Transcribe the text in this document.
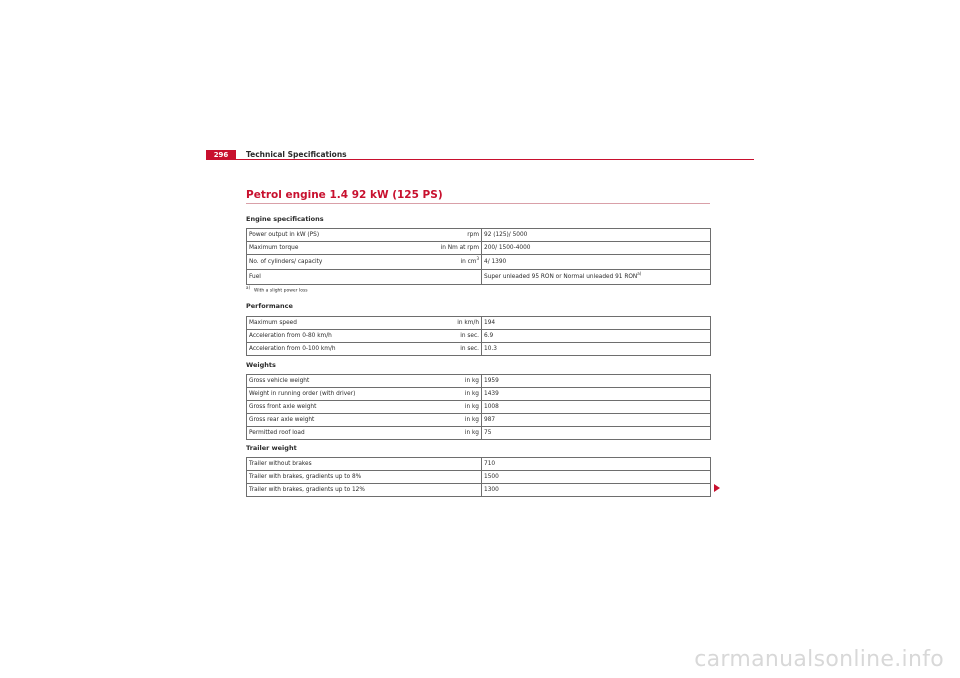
296	Technical Specifications
Petrol engine 1.4 92 kW (125 PS)
Engine specifications
Power output in kW (PS)	rpm	92 (125)/ 5000
Maximum torque	in Nm at rpm	200/ 1500-4000
No. of cylinders/ capacity	in $cm^3$	4/ 1390
Fuel		Super unleaded 95 RON or Normal unleaded 91 RON$^{a)}$
a)With a slight power loss
Performance
Maximum speed	in km/h	194
Acceleration from 0-80 km/h	in sec.	6.9
Acceleration from 0-100 km/h	in sec.	10.3
Weights
Gross vehicle weight	in kg	1959
Weight in running order (with driver)	in kg	1439
Gross front axle weight	in kg	1008
Gross rear axle weight	in kg	987
Permitted roof load	in kg	75
Trailer weight
Trailer without brakes		710
Trailer with brakes, gradients up to 8%		1500
Trailer with brakes, gradients up to 12%		1300
carmanualsonline.info
